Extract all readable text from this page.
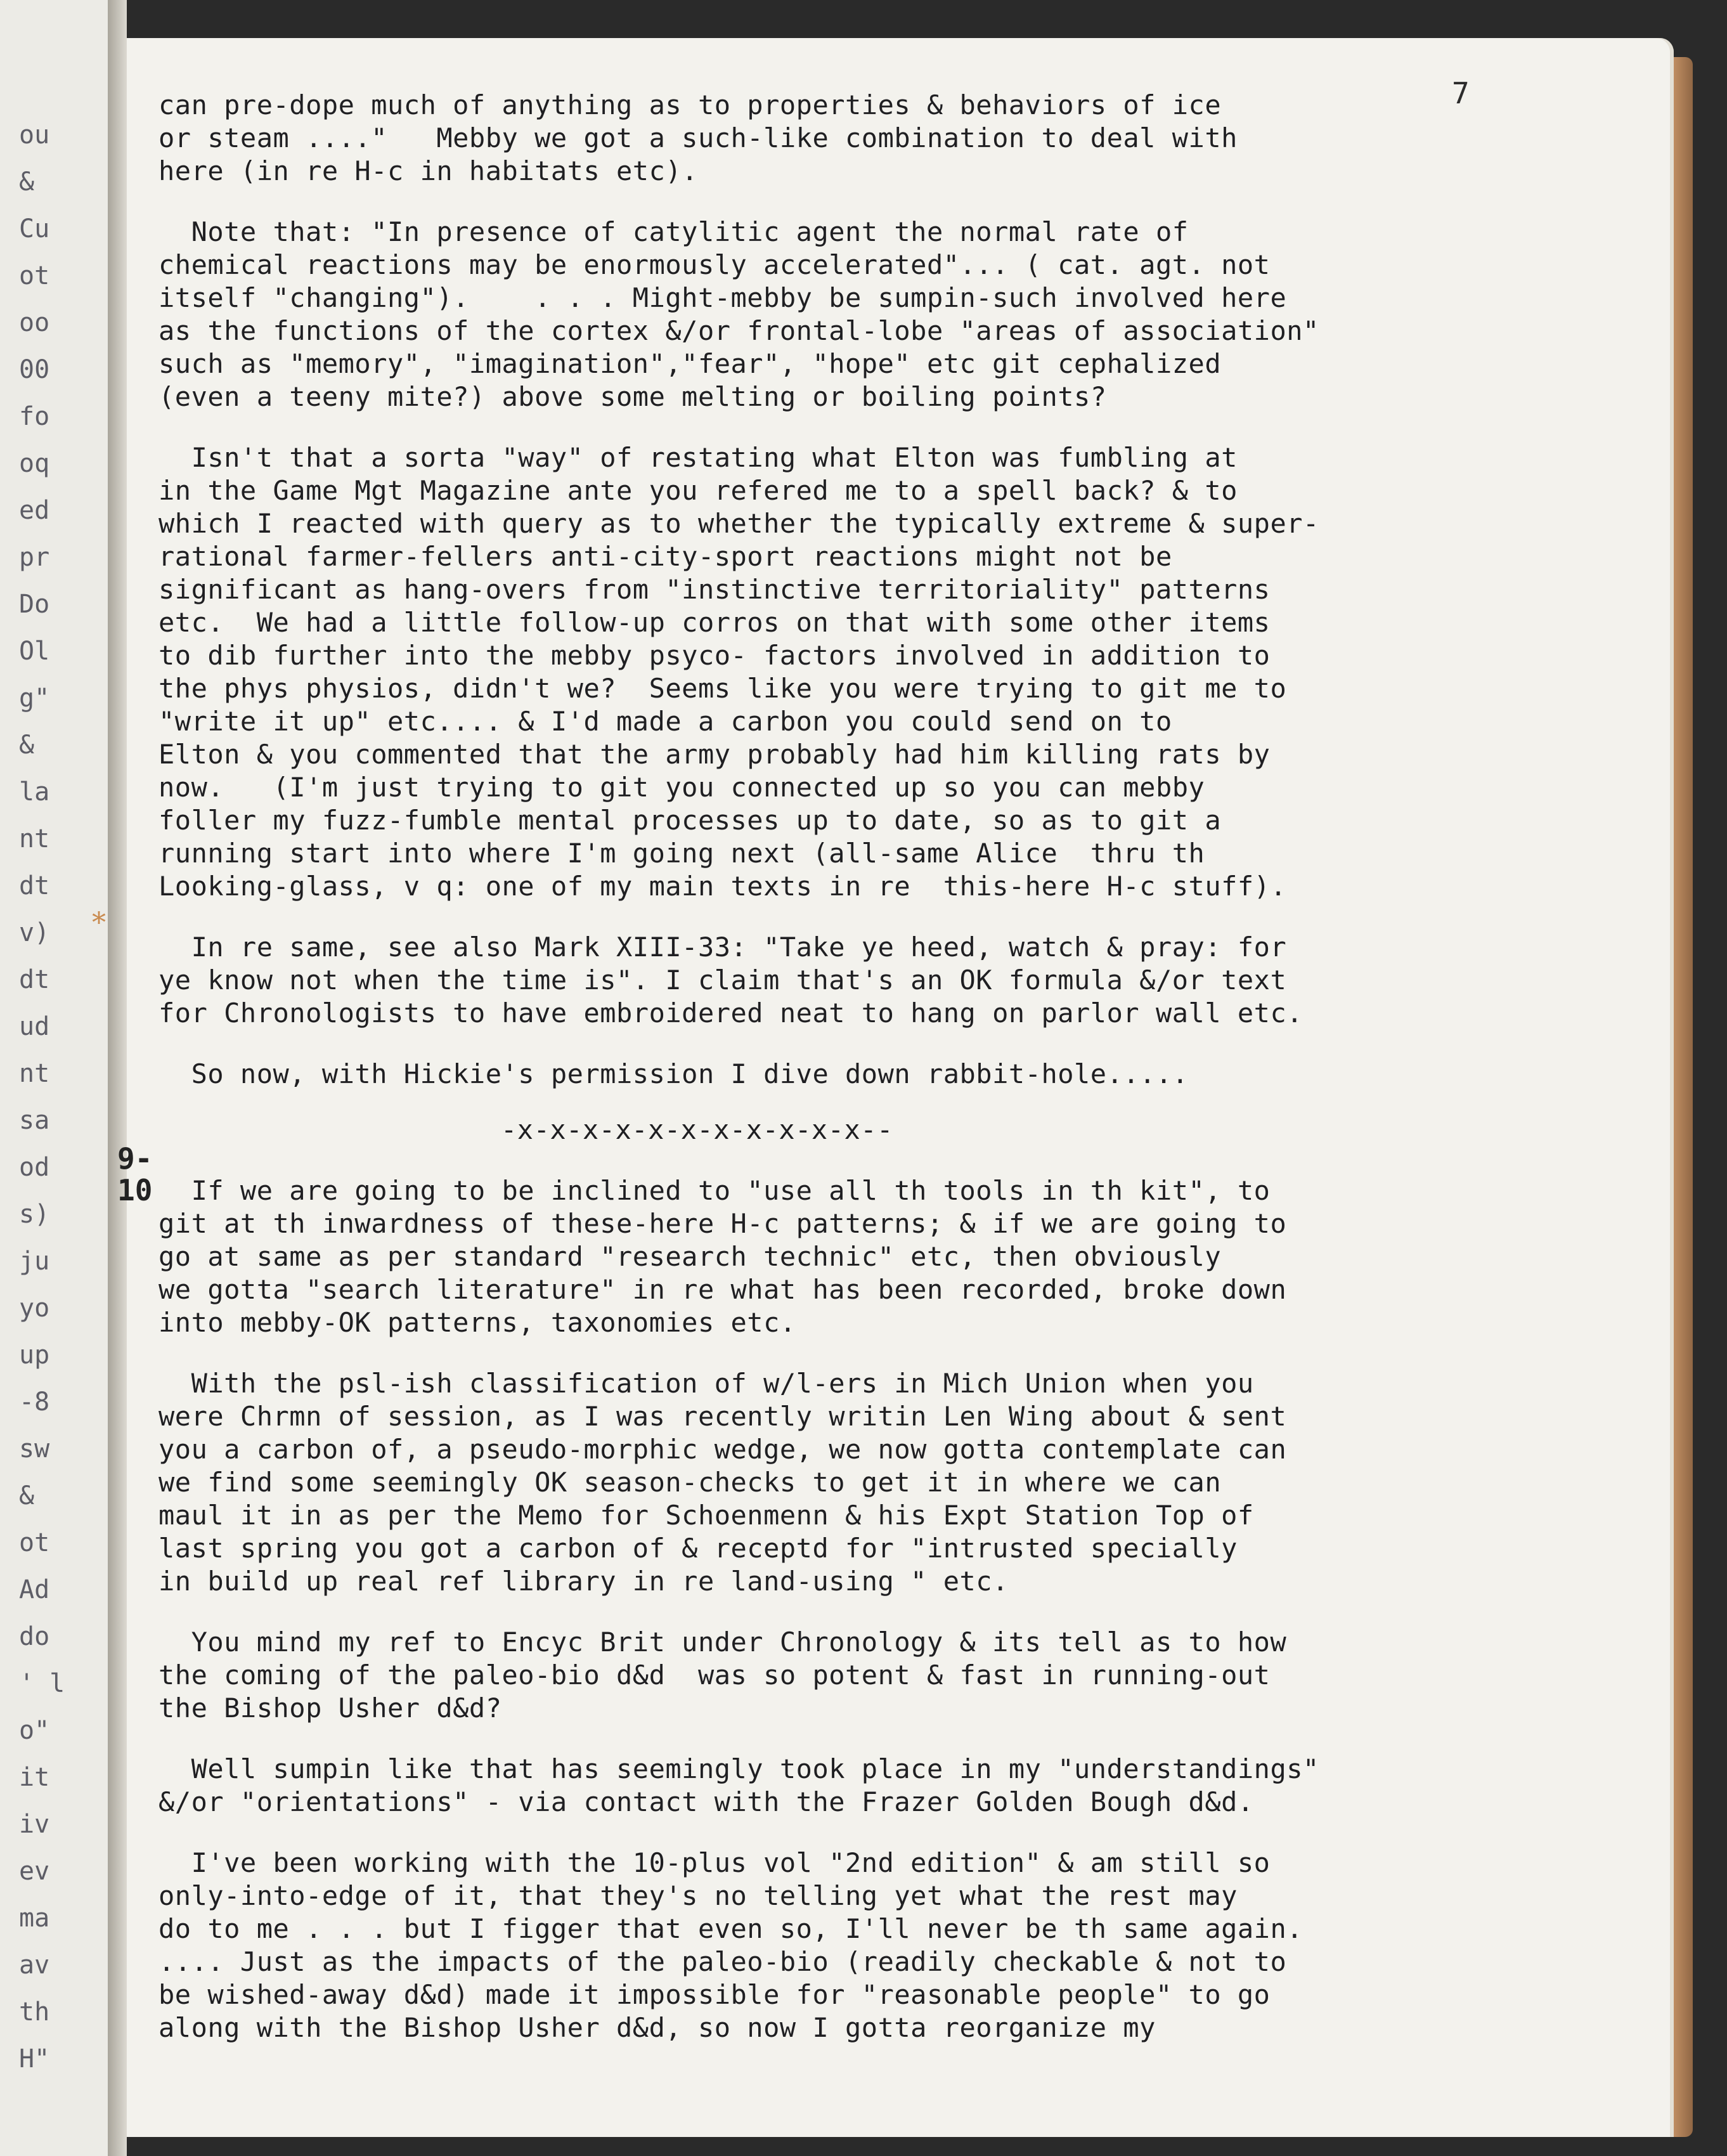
ou
&
Cu
ot
oo
00
fo
oq
ed
pr
Do
Ol
g"
&
la
nt
dt
v)
dt
ud
nt
sa
od
s)
ju
yo
up
-8
sw
&
ot
Ad
do
' l
o"
it
iv
ev
ma
av
th
H"
7
9-
10
*
can pre-dope much of anything as to properties & behaviors of ice
or steam ...."   Mebby we got a such-like combination to deal with
here (in re H-c in habitats etc).
Note that: "In presence of catylitic agent the normal rate of
chemical reactions may be enormously accelerated"... ( cat. agt. not
itself "changing").    . . . Might-mebby be sumpin-such involved here
as the functions of the cortex &/or frontal-lobe "areas of association"
such as "memory", "imagination","fear", "hope" etc git cephalized
(even a teeny mite?) above some melting or boiling points?
Isn't that a sorta "way" of restating what Elton was fumbling at
in the Game Mgt Magazine ante you refered me to a spell back? & to
which I reacted with query as to whether the typically extreme & super-
rational farmer-fellers anti-city-sport reactions might not be
significant as hang-overs from "instinctive territoriality" patterns
etc.  We had a little follow-up corros on that with some other items
to dib further into the mebby psyco- factors involved in addition to
the phys physios, didn't we?  Seems like you were trying to git me to
"write it up" etc.... & I'd made a carbon you could send on to
Elton & you commented that the army probably had him killing rats by
now.   (I'm just trying to git you connected up so you can mebby
foller my fuzz-fumble mental processes up to date, so as to git a
running start into where I'm going next (all-same Alice  thru th
Looking-glass, v q: one of my main texts in re  this-here H-c stuff).
In re same, see also Mark XIII-33: "Take ye heed, watch & pray: for
ye know not when the time is". I claim that's an OK formula &/or text
for Chronologists to have embroidered neat to hang on parlor wall etc.
So now, with Hickie's permission I dive down rabbit-hole.....
-x-x-x-x-x-x-x-x-x-x-x--
If we are going to be inclined to "use all th tools in th kit", to
git at th inwardness of these-here H-c patterns; & if we are going to
go at same as per standard "research technic" etc, then obviously
we gotta "search literature" in re what has been recorded, broke down
into mebby-OK patterns, taxonomies etc.
With the psl-ish classification of w/l-ers in Mich Union when you
were Chrmn of session, as I was recently writin Len Wing about & sent
you a carbon of, a pseudo-morphic wedge, we now gotta contemplate can
we find some seemingly OK season-checks to get it in where we can
maul it in as per the Memo for Schoenmenn & his Expt Station Top of
last spring you got a carbon of & receptd for "intrusted specially
in build up real ref library in re land-using " etc.
You mind my ref to Encyc Brit under Chronology & its tell as to how
the coming of the paleo-bio d&d  was so potent & fast in running-out
the Bishop Usher d&d?
Well sumpin like that has seemingly took place in my "understandings"
&/or "orientations" - via contact with the Frazer Golden Bough d&d.
I've been working with the 10-plus vol "2nd edition" & am still so
only-into-edge of it, that they's no telling yet what the rest may
do to me . . . but I figger that even so, I'll never be th same again.
.... Just as the impacts of the paleo-bio (readily checkable & not to
be wished-away d&d) made it impossible for "reasonable people" to go
along with the Bishop Usher d&d, so now I gotta reorganize my
